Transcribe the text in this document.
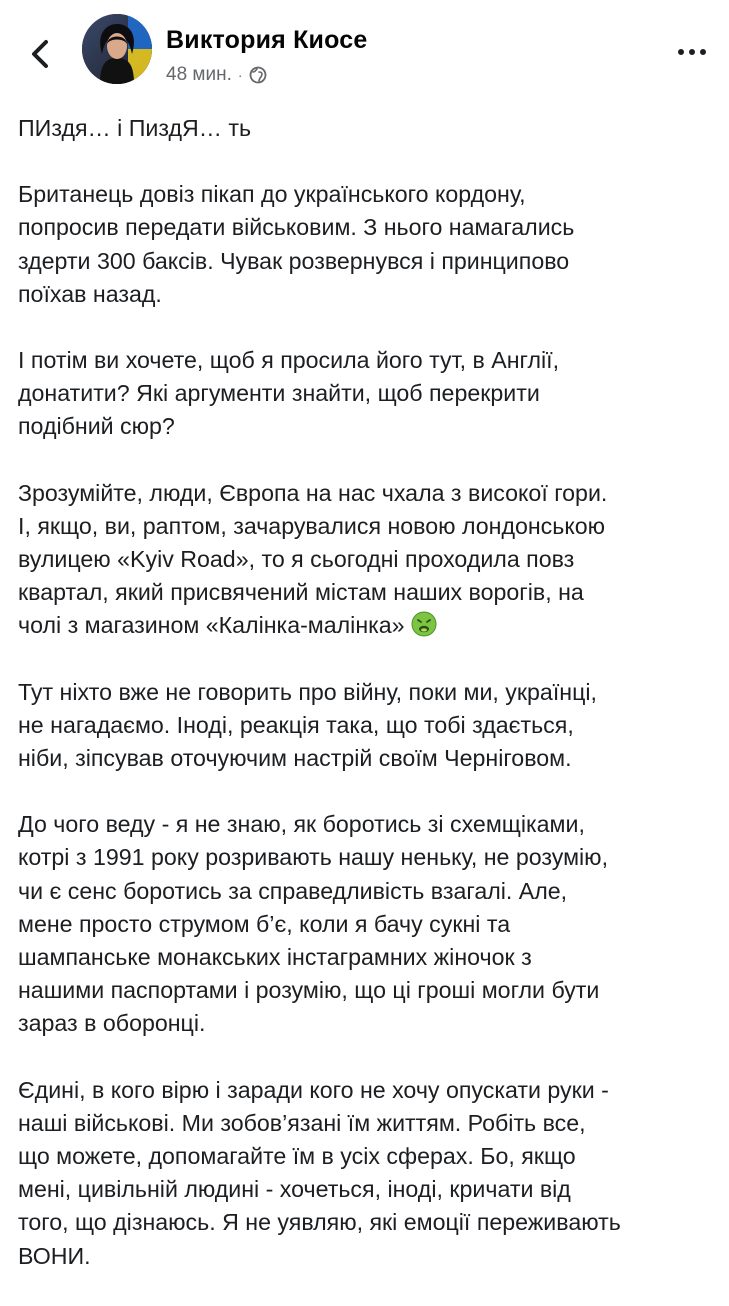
Виктория Киосе
48 мин. ·
ПИздя… і ПиздЯ… ть
Британець довіз пікап до українського кордону,
попросив передати військовим. З нього намагались
здерти 300 баксів. Чувак розвернувся і принципово
поїхав назад.
І потім ви хочете, щоб я просила його тут, в Англії,
донатити? Які аргументи знайти, щоб перекрити
подібний сюр?
Зрозумійте, люди, Європа на нас чхала з високої гори.
І, якщо, ви, раптом, зачарувалися новою лондонською
вулицею «Kyiv Road», то я сьогодні проходила повз
квартал, який присвячений містам наших ворогів, на
чолі з магазином «Калінка-малінка»
Тут ніхто вже не говорить про війну, поки ми, українці,
не нагадаємо. Іноді, реакція така, що тобі здається,
ніби, зіпсував оточуючим настрій своїм Черніговом.
До чого веду - я не знаю, як боротись зі схемщіками,
котрі з 1991 року розривають нашу неньку, не розумію,
чи є сенс боротись за справедливість взагалі. Але,
мене просто струмом б’є, коли я бачу сукні та
шампанське монакських інстаграмних жіночок з
нашими паспортами і розумію, що ці гроші могли бути
зараз в оборонці.
Єдині, в кого вірю і заради кого не хочу опускати руки -
наші військові. Ми зобов’язані їм життям. Робіть все,
що можете, допомагайте їм в усіх сферах. Бо, якщо
мені, цивільній людині - хочеться, іноді, кричати від
того, що дізнаюсь. Я не уявляю, які емоції переживають
ВОНИ.
